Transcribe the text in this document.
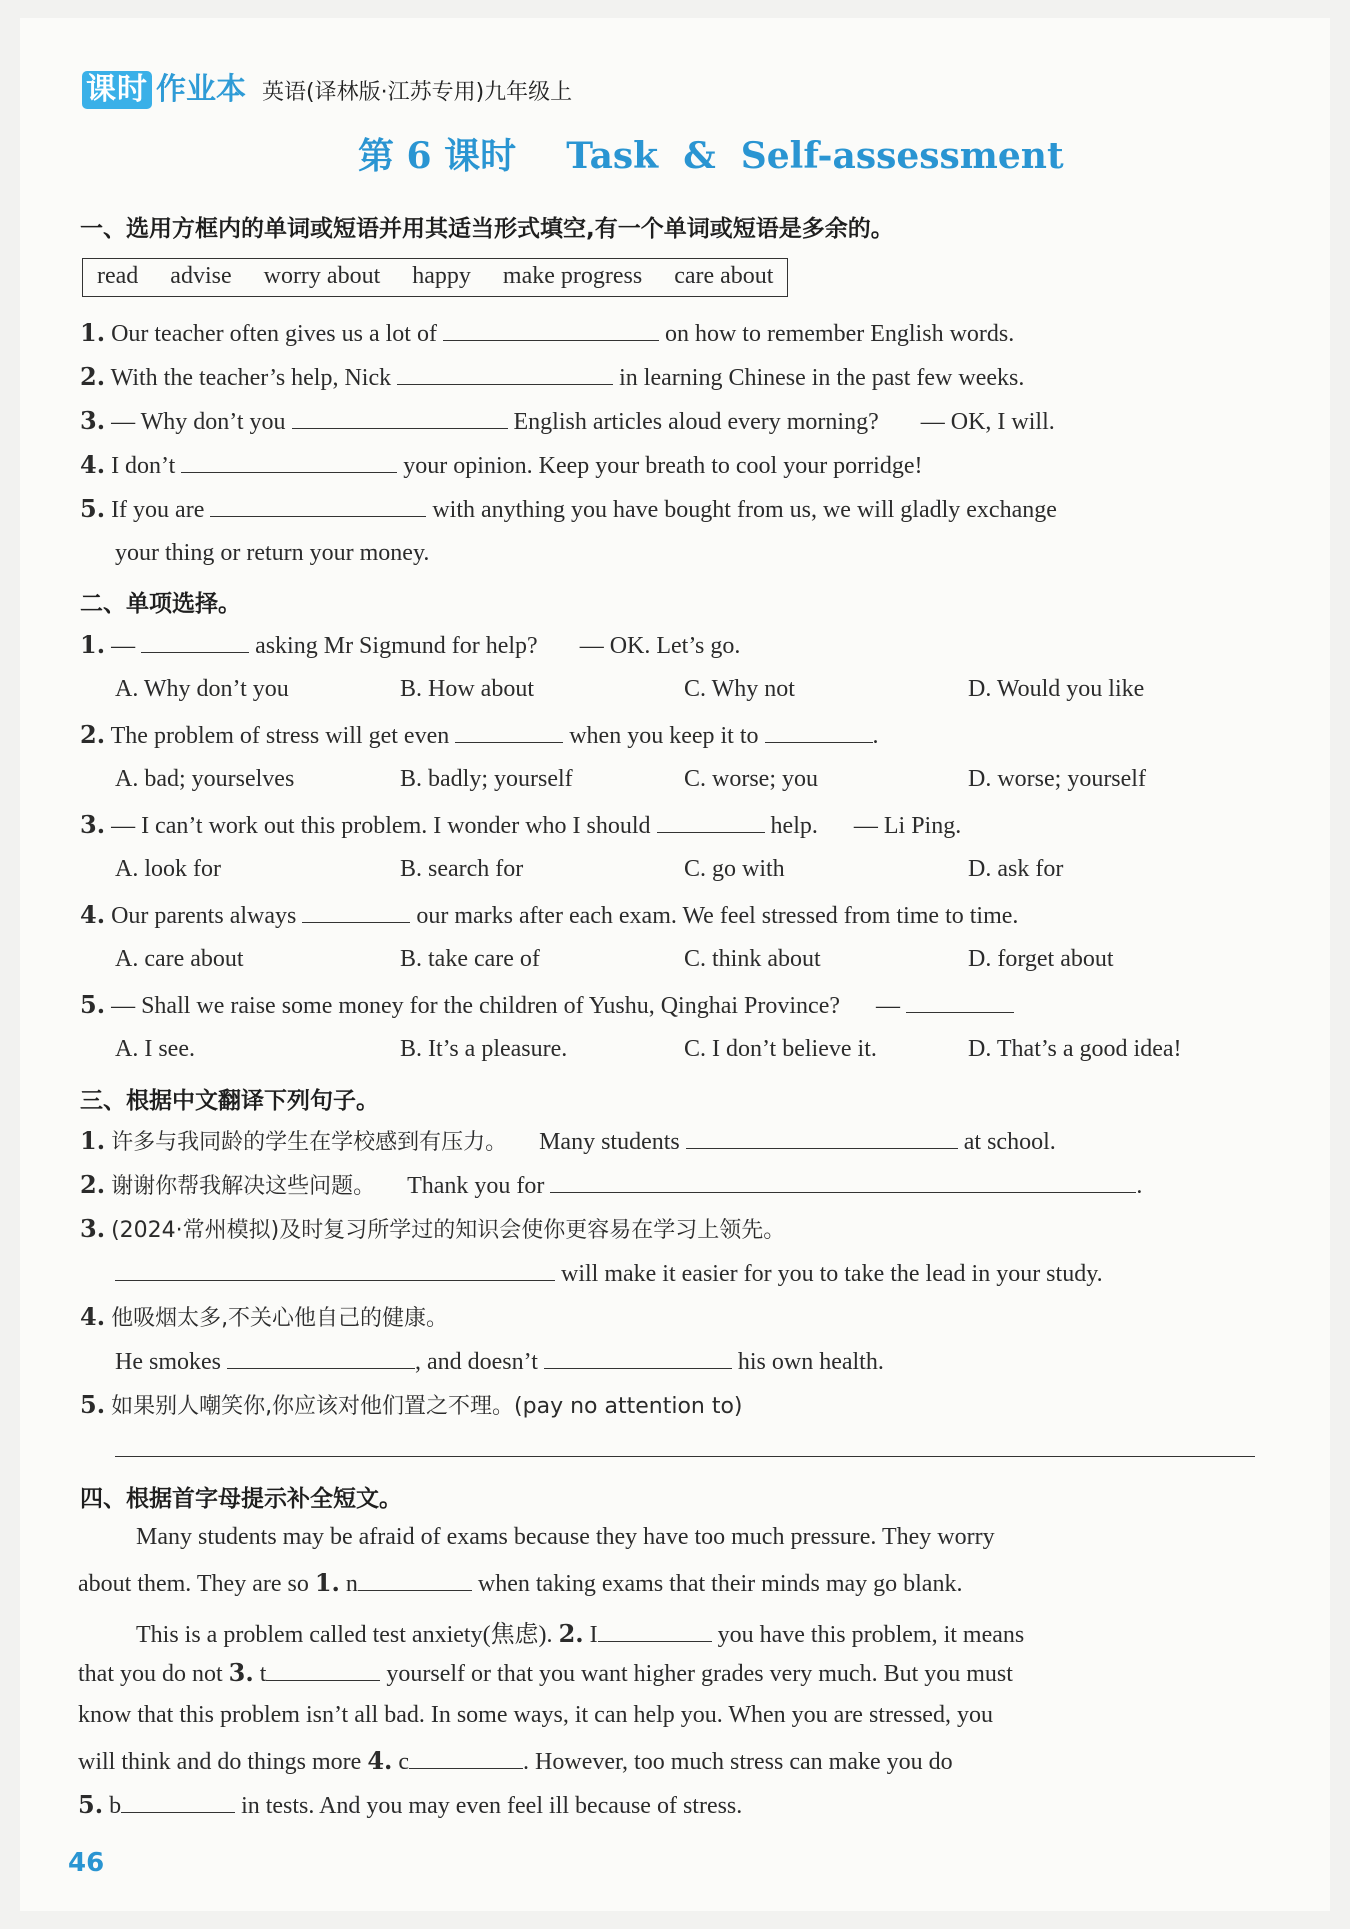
课时 作业本 英语(译林版·江苏专用)九年级上
第 6 课时    Task  &  Self-assessment
一、选用方框内的单词或短语并用其适当形式填空,有一个单词或短语是多余的。
read advise worry about happy make progress care about
1. Our teacher often gives us a lot of	on how to remember English words.
2. With the teacher’s help, Nick	in learning Chinese in the past few weeks.
3. — Why don’t you	English articles aloud every morning? — OK, I will.
4. I don’t	your opinion. Keep your breath to cool your porridge!
5. If you are	with anything you have bought from us, we will gladly exchange
your thing or return your money.
二、单项选择。
1. —	asking Mr Sigmund for help? — OK. Let’s go.
A. Why don’t you	B. How about	C. Why not	D. Would you like
2. The problem of stress will get even	when you keep it to	.
A. bad; yourselves	B. badly; yourself	C. worse; you	D. worse; yourself
3. — I can’t work out this problem. I wonder who I should	help. — Li Ping.
A. look for	B. search for	C. go with	D. ask for
4. Our parents always	our marks after each exam. We feel stressed from time to time.
A. care about	B. take care of	C. think about	D. forget about
5. — Shall we raise some money for the children of Yushu, Qinghai Province? —
A. I see.	B. It’s a pleasure.	C. I don’t believe it.	D. That’s a good idea!
三、根据中文翻译下列句子。
1. 许多与我同龄的学生在学校感到有压力。 Many students	at school.
2. 谢谢你帮我解决这些问题。 Thank you for	.
3. (2024·常州模拟)及时复习所学过的知识会使你更容易在学习上领先。
will make it easier for you to take the lead in your study.
4. 他吸烟太多,不关心他自己的健康。
He smokes	, and doesn’t	his own health.
5. 如果别人嘲笑你,你应该对他们置之不理。(pay no attention to)
四、根据首字母提示补全短文。
Many students may be afraid of exams because they have too much pressure. They worry
about them. They are so 1. n	when taking exams that their minds may go blank.
This is a problem called test anxiety(焦虑). 2. I	you have this problem, it means
that you do not 3. t	yourself or that you want higher grades very much. But you must
know that this problem isn’t all bad. In some ways, it can help you. When you are stressed, you
will think and do things more 4. c	. However, too much stress can make you do
5. b	in tests. And you may even feel ill because of stress.
46
